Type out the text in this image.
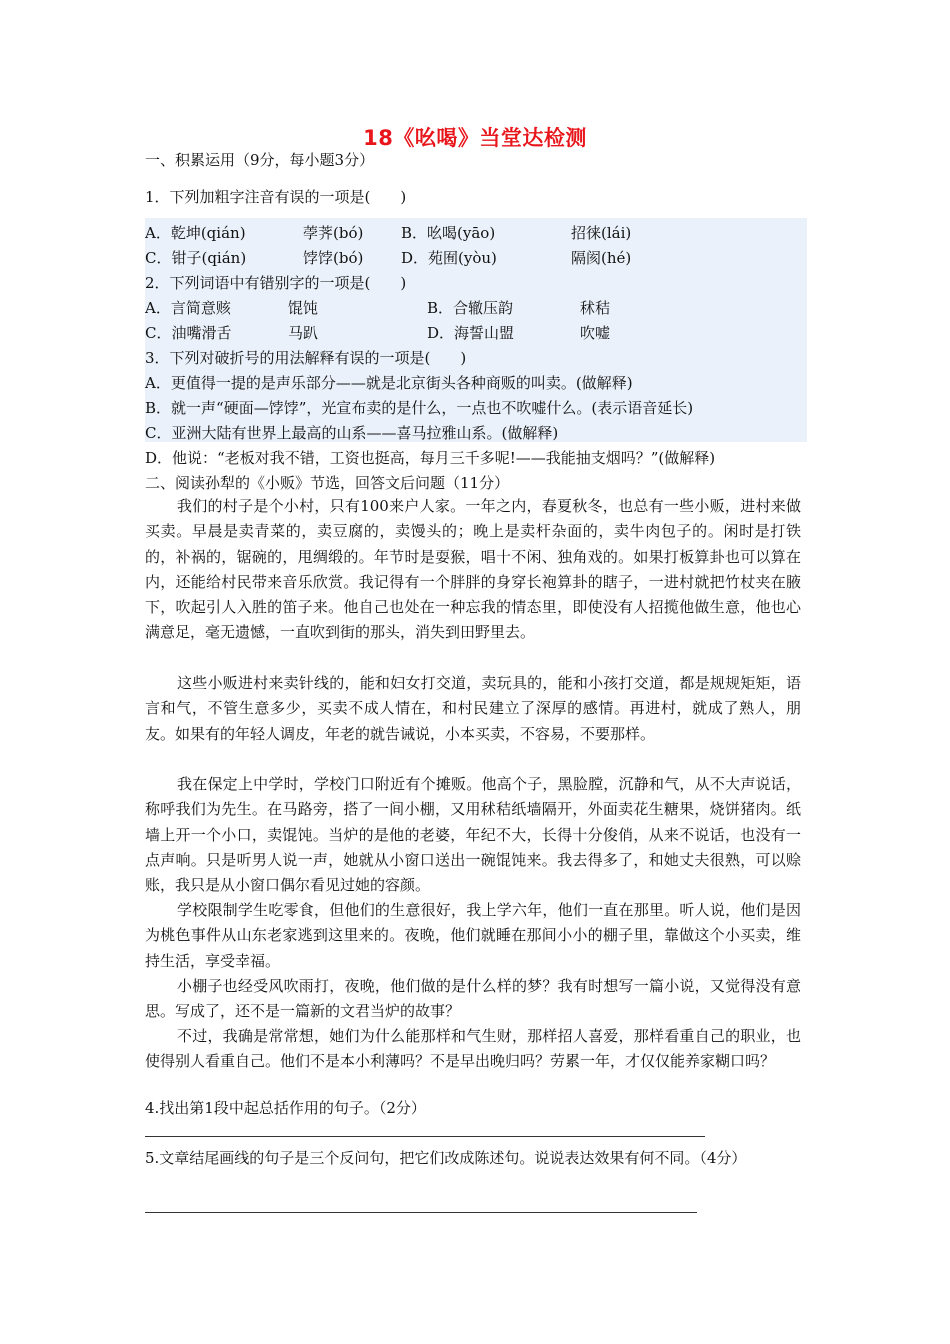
18《吆喝》当堂达检测
一、积累运用（9分，每小题3分）
1．下列加粗字注音有误的一项是(　　)
A．乾坤(qián)	荸荠(bó)	B．吆喝(yāo)	招徕(lái)
C．钳子(qián)	饽饽(bó)	D．苑囿(yòu)	隔阂(hé)
2．下列词语中有错别字的一项是(　　)
A．言简意赅	馄饨	B．合辙压韵	秫秸
C．油嘴滑舌	马趴	D．海誓山盟	吹嘘
3．下列对破折号的用法解释有误的一项是(　　)
A．更值得一提的是声乐部分——就是北京街头各种商贩的叫卖。(做解释)
B．就一声“硬面—饽饽”，光宣布卖的是什么，一点也不吹嘘什么。(表示语音延长)
C．亚洲大陆有世界上最高的山系——喜马拉雅山系。(做解释)
D．他说：“老板对我不错，工资也挺高，每月三千多呢!——我能抽支烟吗？”(做解释)
二、阅读孙犁的《小贩》节选，回答文后问题（11分）
我们的村子是个小村，只有100来户人家。一年之内，春夏秋冬，也总有一些小贩，进村来做买卖。早晨是卖青菜的，卖豆腐的，卖馒头的；晚上是卖杆杂面的，卖牛肉包子的。闲时是打铁的，补祸的，锯碗的，甩绸缎的。年节时是耍猴，唱十不闲、独角戏的。如果打板算卦也可以算在内，还能给村民带来音乐欣赏。我记得有一个胖胖的身穿长袍算卦的瞎子，一进村就把竹杖夹在腋下，吹起引人入胜的笛子来。他自己也处在一种忘我的情态里，即使没有人招揽他做生意，他也心满意足，毫无遗憾，一直吹到街的那头，消失到田野里去。
这些小贩进村来卖针线的，能和妇女打交道，卖玩具的，能和小孩打交道，都是规规矩矩，语言和气，不管生意多少，买卖不成人情在，和村民建立了深厚的感情。再进村，就成了熟人，朋友。如果有的年轻人调皮，年老的就告诫说，小本买卖，不容易，不要那样。
我在保定上中学时，学校门口附近有个摊贩。他高个子，黑脸膛，沉静和气，从不大声说话，称呼我们为先生。在马路旁，搭了一间小棚，又用秫秸纸墙隔开，外面卖花生糖果，烧饼猪肉。纸墙上开一个小口，卖馄饨。当炉的是他的老婆，年纪不大，长得十分俊俏，从来不说话，也没有一点声响。只是听男人说一声，她就从小窗口送出一碗馄饨来。我去得多了，和她丈夫很熟，可以赊账，我只是从小窗口偶尔看见过她的容颜。
学校限制学生吃零食，但他们的生意很好，我上学六年，他们一直在那里。听人说，他们是因为桃色事件从山东老家逃到这里来的。夜晚，他们就睡在那间小小的棚子里，靠做这个小买卖，维持生活，享受幸福。
小棚子也经受风吹雨打，夜晚，他们做的是什么样的梦？我有时想写一篇小说，又觉得没有意思。写成了，还不是一篇新的文君当炉的故事？
不过，我确是常常想，她们为什么能那样和气生财，那样招人喜爱，那样看重自己的职业，也使得别人看重自己。他们不是本小利薄吗？不是早出晚归吗？劳累一年，才仅仅能养家糊口吗？
4.找出第1段中起总括作用的句子。（2分）
5.文章结尾画线的句子是三个反问句，把它们改成陈述句。说说表达效果有何不同。（4分）
